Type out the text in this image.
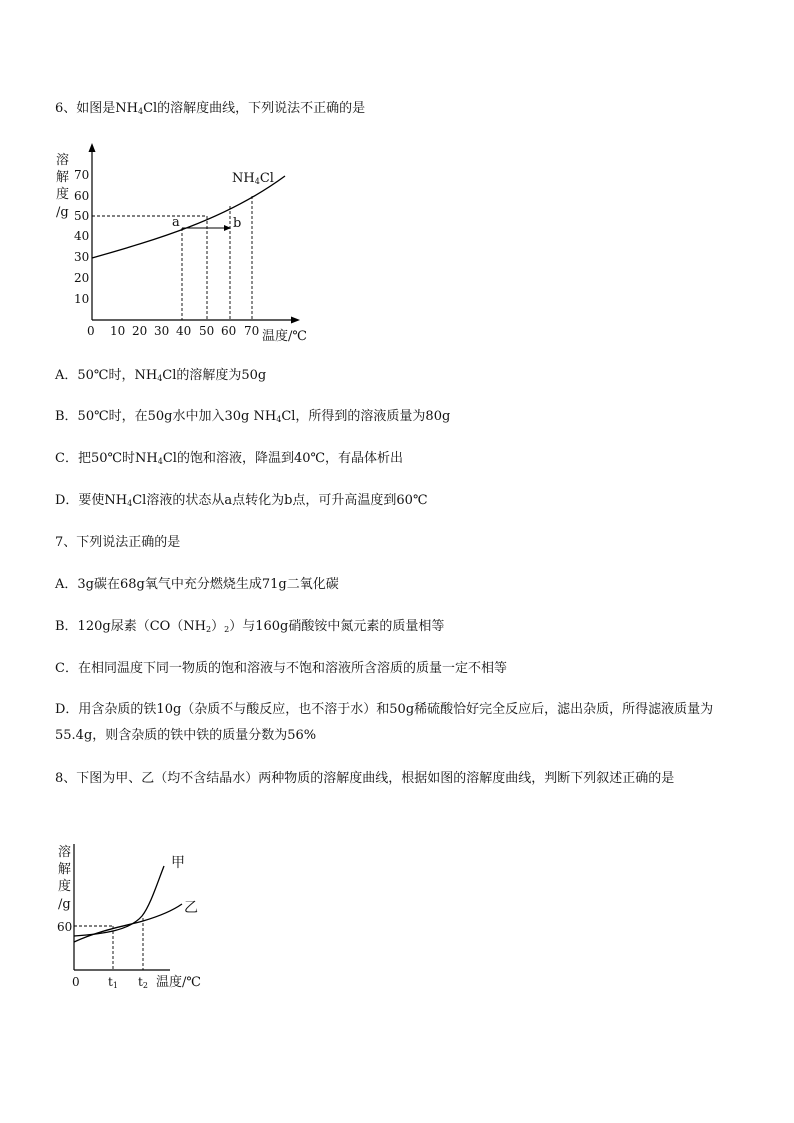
6、如图是$NH_4Cl$的溶解度曲线，下列说法不正确的是
溶
解
度
/g
10
20
30
40
50
60
70
0 10 20 30 40 50 60 70 温度/℃
NH4Cl
a	b
A．50℃时，$NH_4Cl$的溶解度为50g
B．50℃时，在50g水中加入30g $NH_4Cl$，所得到的溶液质量为80g
C．把50℃时$NH_4Cl$的饱和溶液，降温到40℃，有晶体析出
D．要使$NH_4Cl$溶液的状态从a点转化为b点，可升高温度到60℃
7、下列说法正确的是
A．3g碳在68g氧气中充分燃烧生成71g二氧化碳
B．120g尿素$(CO(NH_2)_2)$与160g硝酸铵中氮元素的质量相等
C．在相同温度下同一物质的饱和溶液与不饱和溶液所含溶质的质量一定不相等
D．用含杂质的铁10g（杂质不与酸反应，也不溶于水）和50g稀硫酸恰好完全反应后，滤出杂质，所得滤液质量为55.4g，则含杂质的铁中铁的质量分数为56%
8、下图为甲、乙（均不含结晶水）两种物质的溶解度曲线，根据如图的溶解度曲线，判断下列叙述正确的是
溶
解
度
/g
60
0 t1 t2 温度/℃
甲
乙
